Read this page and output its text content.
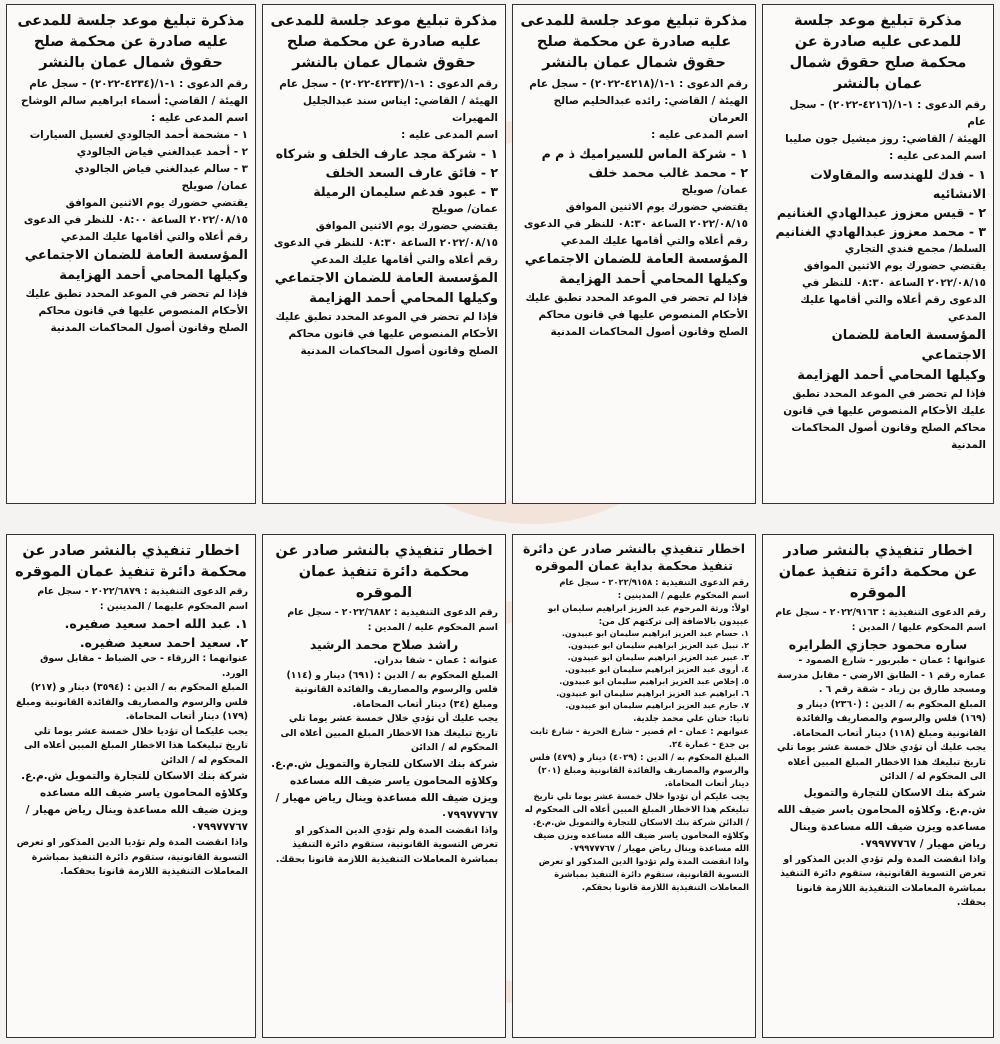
مذكرة تبليغ موعد جلسة للمدعى عليه صادرة عن محكمة صلح حقوق شمال عمان بالنشر
رقم الدعوى : ١-١/(٤٢١٦-٢٠٢٢) - سجل عام
الهيئة / القاضي: روز ميشيل جون صليبا
اسم المدعى عليه :
١ - فدك للهندسه والمقاولات الانشائيه
٢ - قيس معزوز عبدالهادي الغنانيم
٣ - محمد معزوز عبدالهادي الغنانيم
السلط/ مجمع فندي التجاري
يقتضي حضورك يوم الاثنين الموافق ٢٠٢٢/٠٨/١٥ الساعة ٠٨:٣٠ للنظر في الدعوى رقم أعلاه والتي أقامها عليك المدعي
المؤسسة العامة للضمان الاجتماعي
وكيلها المحامي أحمد الهزايمة
فإذا لم تحضر في الموعد المحدد تطبق عليك الأحكام المنصوص عليها في قانون محاكم الصلح وقانون أصول المحاكمات المدنية
مذكرة تبليغ موعد جلسة للمدعى عليه صادرة عن محكمة صلح حقوق شمال عمان بالنشر
رقم الدعوى : ١-١/(٤٢١٨-٢٠٢٢) - سجل عام
الهيئة / القاضي: رائده عبدالحليم صالح العرمان
اسم المدعى عليه :
١ - شركة الماس للسيراميك ذ م م
٢ - محمد غالب محمد خلف
عمان/ صويلح
يقتضي حضورك يوم الاثنين الموافق ٢٠٢٢/٠٨/١٥ الساعة ٠٨:٣٠ للنظر في الدعوى رقم أعلاه والتي أقامها عليك المدعي
المؤسسة العامة للضمان الاجتماعي
وكيلها المحامي أحمد الهزايمة
فإذا لم تحضر في الموعد المحدد تطبق عليك الأحكام المنصوص عليها في قانون محاكم الصلح وقانون أصول المحاكمات المدنية
مذكرة تبليغ موعد جلسة للمدعى عليه صادرة عن محكمة صلح حقوق شمال عمان بالنشر
رقم الدعوى : ١-١/(٤٢٣٣-٢٠٢٢) - سجل عام
الهيئة / القاضي: ايناس سند عبدالجليل المهيرات
اسم المدعى عليه :
١ - شركة مجد عارف الخلف و شركاه
٢ - فائق عارف السعد الخلف
٣ - عبود فدغم سليمان الرميلة
عمان/ صويلح
يقتضي حضورك يوم الاثنين الموافق ٢٠٢٢/٠٨/١٥ الساعة ٠٨:٣٠ للنظر في الدعوى رقم أعلاه والتي أقامها عليك المدعي
المؤسسة العامة للضمان الاجتماعي
وكيلها المحامي أحمد الهزايمة
فإذا لم تحضر في الموعد المحدد تطبق عليك الأحكام المنصوص عليها في قانون محاكم الصلح وقانون أصول المحاكمات المدنية
مذكرة تبليغ موعد جلسة للمدعى عليه صادرة عن محكمة صلح حقوق شمال عمان بالنشر
رقم الدعوى : ١-١/(٤٢٣٤-٢٠٢٢) - سجل عام
الهيئة / القاضي: أسماء ابراهيم سالم الوشاح
اسم المدعى عليه :
١ - مشحمة أحمد الجالودي لغسيل السيارات
٢ - أحمد عبدالغني فياض الجالودي
٣ - سالم عبدالغني فياض الجالودي
عمان/ صويلح
يقتضي حضورك يوم الاثنين الموافق ٢٠٢٢/٠٨/١٥ الساعة ٠٨:٠٠ للنظر في الدعوى رقم أعلاه والتي أقامها عليك المدعي
المؤسسة العامة للضمان الاجتماعي
وكيلها المحامي أحمد الهزايمة
فإذا لم تحضر في الموعد المحدد تطبق عليك الأحكام المنصوص عليها في قانون محاكم الصلح وقانون أصول المحاكمات المدنية
اخطار تنفيذي بالنشر صادر عن محكمة دائرة تنفيذ عمان الموقره
رقم الدعوى التنفيذية : ٢٠٢٢/٩١٦٣ - سجل عام
اسم المحكوم عليها / المدين :
ساره محمود حجازي الطرايره
عنوانها : عمان - طبربور - شارع الصمود - عماره رقم ١ - الطابق الارضي - مقابل مدرسة ومسجد طارق بن زياد - شقة رقم ٦ .
المبلغ المحكوم به / الدين : (٢٣٦٠) دينار و (١٦٩) فلس والرسوم والمصاريف والفائدة القانونية ومبلغ (١١٨) دينار أتعاب المحاماة.
يجب عليك أن تؤدي خلال خمسة عشر يوما تلي تاريخ تبليغك هذا الاخطار المبلغ المبين أعلاه الى المحكوم له / الدائن
شركة بنك الاسكان للتجارة والتمويل ش.م.ع. وكلاؤه المحامون ياسر ضيف الله مساعده ويزن ضيف الله مساعدة وينال رياض مهيار / ٠٧٩٩٧٧٧٦٧
واذا انقضت المدة ولم تؤدي الدين المذكور او تعرض التسوية القانونية، ستقوم دائرة التنفيذ بمباشرة المعاملات التنفيذية اللازمة قانونا بحقك.
اخطار تنفيذي بالنشر صادر عن دائرة تنفيذ محكمة بداية عمان الموقره
رقم الدعوى التنفيذية : ٢٠٢٢/٩١٥٨ - سجل عام
اسم المحكوم عليهم / المدينين :
اولاً: ورثة المرحوم عبد العزيز ابراهيم سليمان ابو عبيدون بالاضافة إلى تركتهم كل من:
١. حسام عبد العزيز ابراهيم سليمان ابو عبيدون.
٢. نبيل عبد العزيز ابراهيم سليمان ابو عبيدون.
٣. عبير عبد العزيز ابراهيم سليمان ابو عبيدون.
٤. أروى عبد العزيز ابراهيم سليمان ابو عبيدون.
٥. إخلاص عبد العزيز ابراهيم سليمان ابو عبيدون.
٦. ابراهيم عبد العزيز ابراهيم سليمان ابو عبيدون.
٧. حازم عبد العزيز ابراهيم سليمان ابو عبيدون.
ثانيا: حنان علي محمد جلدية.
عنوانهم : عمان - ام قصير - شارع الحرية - شارع ثابت بن جدع - عمارة ٢٤.
المبلغ المحكوم به / الدين : (٤٠٢٩) دينار و (٤٧٩) فلس والرسوم والمصاريف والفائدة القانونية ومبلغ (٢٠١) دينار أتعاب المحاماة.
يجب عليكم أن تؤدوا خلال خمسة عشر يوما تلي تاريخ تبليغكم هذا الاخطار المبلغ المبين أعلاه الى المحكوم له / الدائن شركة بنك الاسكان للتجارة والتمويل ش.م.ع. وكلاؤه المحامون ياسر ضيف الله مساعده ويزن ضيف الله مساعدة وينال رياض مهيار / ٠٧٩٩٧٧٧٦٧
واذا انقضت المدة ولم تؤدوا الدين المذكور او تعرض التسوية القانونية، ستقوم دائرة التنفيذ بمباشرة المعاملات التنفيذية اللازمة قانونا بحقكم.
اخطار تنفيذي بالنشر صادر عن محكمة دائرة تنفيذ عمان الموقره
رقم الدعوى التنفيذية : ٢٠٢٢/٦٨٨٢ - سجل عام
اسم المحكوم عليه / المدين :
راشد صلاح محمد الرشيد
عنوانه : عمان - شفا بدران.
المبلغ المحكوم به / الدين : (٦٩١) دينار و (١١٤) فلس والرسوم والمصاريف والفائدة القانونية ومبلغ (٣٤) دينار أتعاب المحاماة.
يجب عليك أن تؤدي خلال خمسة عشر يوما تلي تاريخ تبليغك هذا الاخطار المبلغ المبين أعلاه الى المحكوم له / الدائن
شركة بنك الاسكان للتجارة والتمويل ش.م.ع. وكلاؤه المحامون ياسر ضيف الله مساعده ويزن ضيف الله مساعدة وينال رياض مهيار / ٠٧٩٩٧٧٧٦٧
واذا انقضت المدة ولم تؤدي الدين المذكور او تعرض التسوية القانونية، ستقوم دائرة التنفيذ بمباشرة المعاملات التنفيذية اللازمة قانونا بحقك.
اخطار تنفيذي بالنشر صادر عن محكمة دائرة تنفيذ عمان الموقره
رقم الدعوى التنفيذية : ٢٠٢٢/٦٨٧٩ - سجل عام
اسم المحكوم عليهما / المدينين :
١. عبد الله احمد سعيد صفيره.
٢. سعيد احمد سعيد صفيره.
عنوانهما : الزرقاء - حي الضباط - مقابل سوق الورد.
المبلغ المحكوم به / الدين : (٣٥٩٤) دينار و (٢١٧) فلس والرسوم والمصاريف والفائدة القانونية ومبلغ (١٧٩) دينار أتعاب المحاماة.
يجب عليكما أن تؤديا خلال خمسة عشر يوما تلي تاريخ تبليغكما هذا الاخطار المبلغ المبين أعلاه الى المحكوم له / الدائن
شركة بنك الاسكان للتجارة والتمويل ش.م.ع. وكلاؤه المحامون ياسر ضيف الله مساعده ويزن ضيف الله مساعدة وينال رياض مهيار / ٠٧٩٩٧٧٧٦٧
واذا انقضت المدة ولم تؤديا الدين المذكور او تعرض التسوية القانونية، ستقوم دائرة التنفيذ بمباشرة المعاملات التنفيذية اللازمة قانونا بحقكما.
